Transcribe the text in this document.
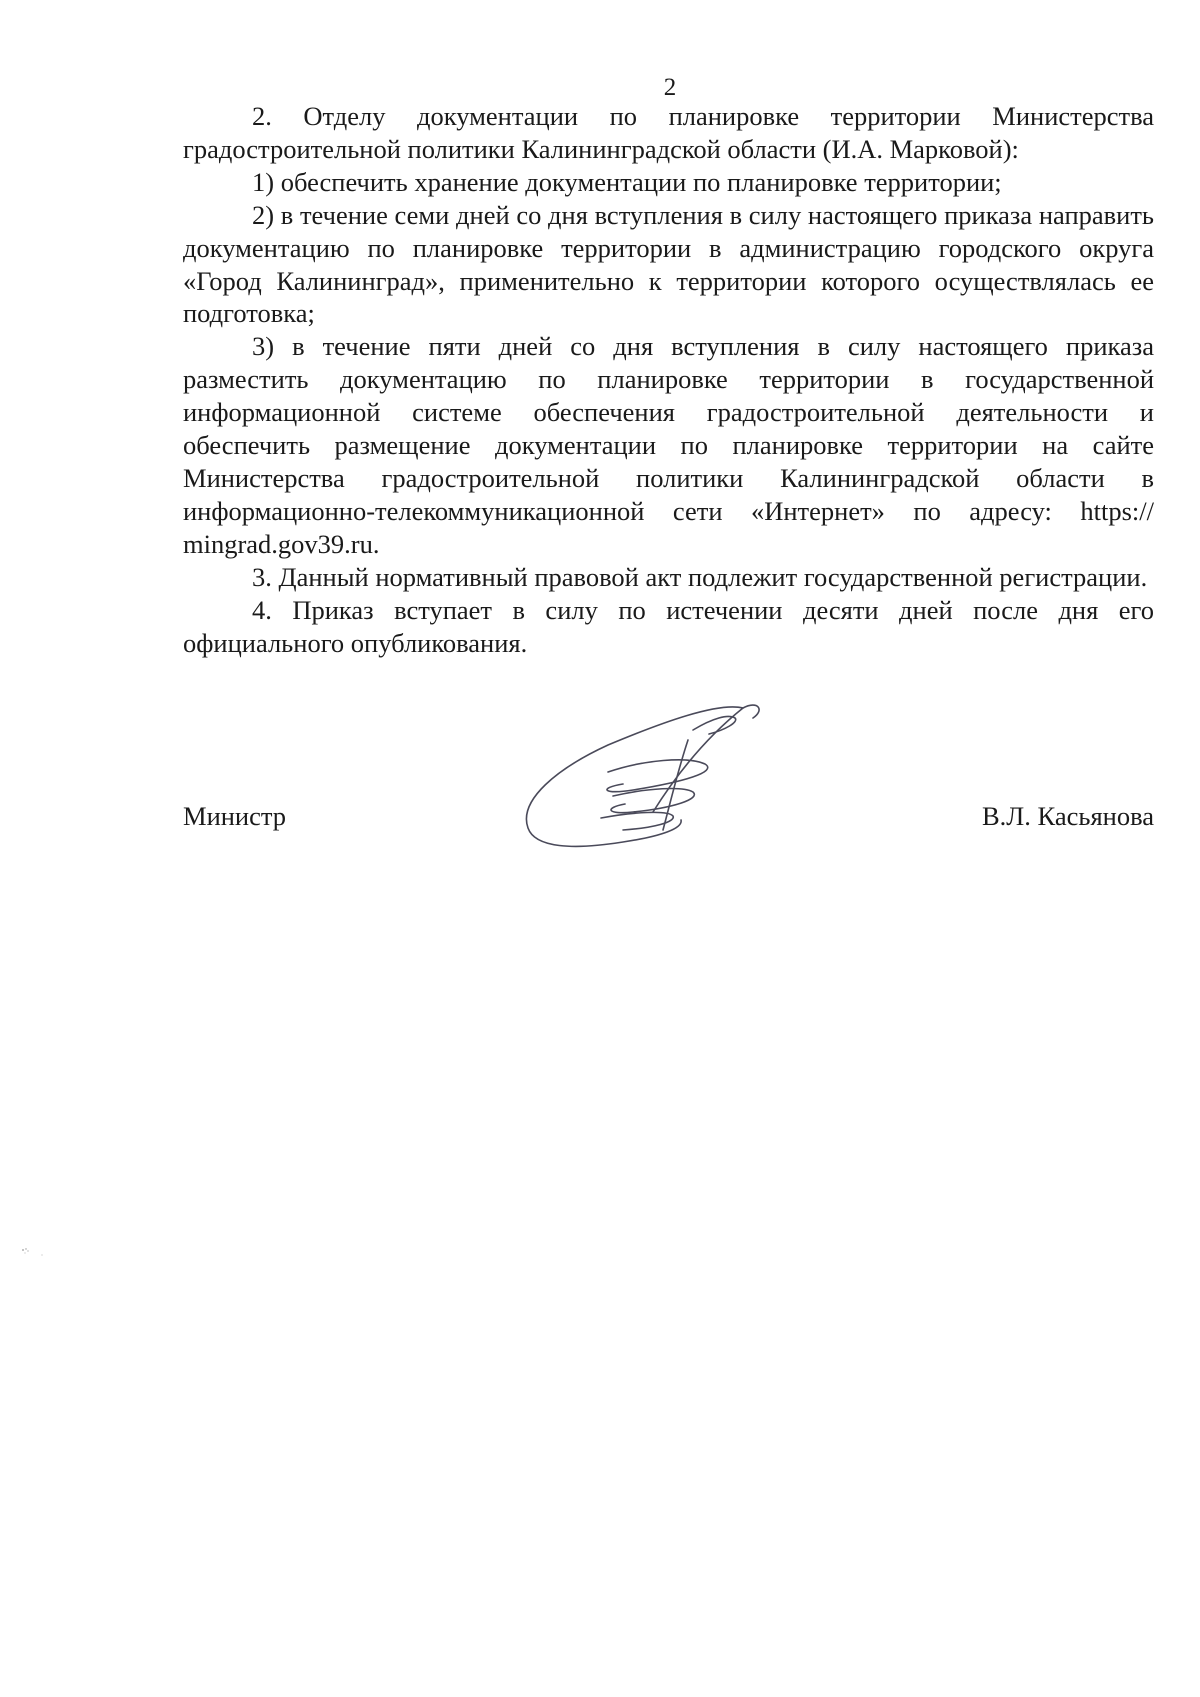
2

2. Отделу документации по планировке территории Министерства градостроительной политики Калининградской области (И.А. Марковой):

1) обеспечить хранение документации по планировке территории;

2) в течение семи дней со дня вступления в силу настоящего приказа направить документацию по планировке территории в администрацию городского округа «Город Калининград», применительно к территории которого осуществлялась ее подготовка;

3) в течение пяти дней со дня вступления в силу настоящего приказа разместить документацию по планировке территории в государственной информационной системе обеспечения градостроительной деятельности и обеспечить размещение документации по планировке территории на сайте Министерства градостроительной политики Калининградской области в информационно-телекоммуникационной сети «Интернет» по адресу: https:// mingrad.gov39.ru.

3. Данный нормативный правовой акт подлежит государственной регистрации.

4. Приказ вступает в силу по истечении десяти дней после дня его официального опубликования.

Министр	В.Л. Касьянова
